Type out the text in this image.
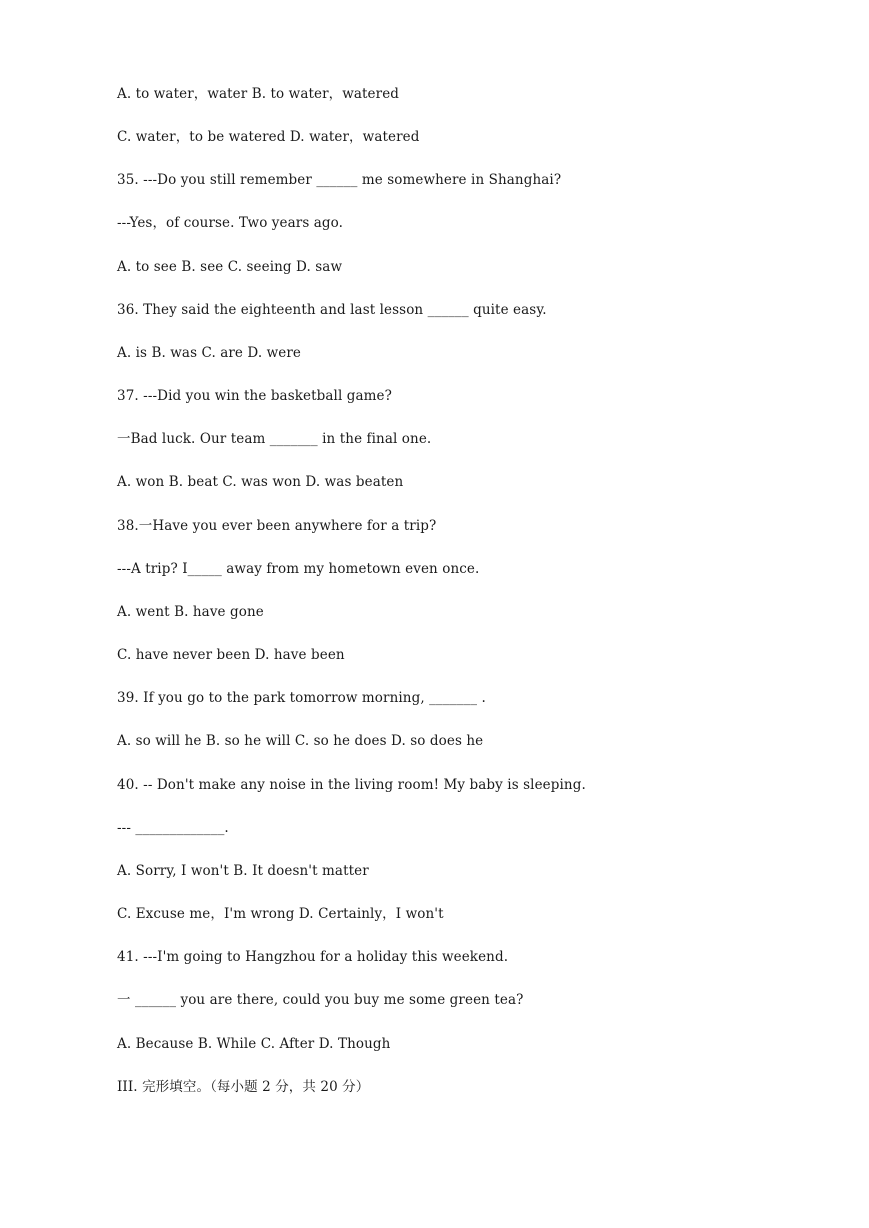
A. to water，water B. to water，watered
C. water，to be watered D. water，watered
35. ---Do you still remember ______ me somewhere in Shanghai?
---Yes，of course. Two years ago.
A. to see B. see C. seeing D. saw
36. They said the eighteenth and last lesson ______ quite easy.
A. is B. was C. are D. were
37. ---Did you win the basketball game?
一Bad luck. Our team _______ in the final one.
A. won B. beat C. was won D. was beaten
38.一Have you ever been anywhere for a trip?
---A trip? I_____ away from my hometown even once.
A. went B. have gone
C. have never been D. have been
39. If you go to the park tomorrow morning, _______ .
A. so will he B. so he will C. so he does D. so does he
40. -- Don't make any noise in the living room! My baby is sleeping.
--- _____________.
A. Sorry, I won't B. It doesn't matter
C. Excuse me，I'm wrong D. Certainly，I won't
41. ---I'm going to Hangzhou for a holiday this weekend.
一 ______ you are there, could you buy me some green tea?
A. Because B. While C. After D. Though
III. 完形填空。（每小题 2 分，共 20 分）
